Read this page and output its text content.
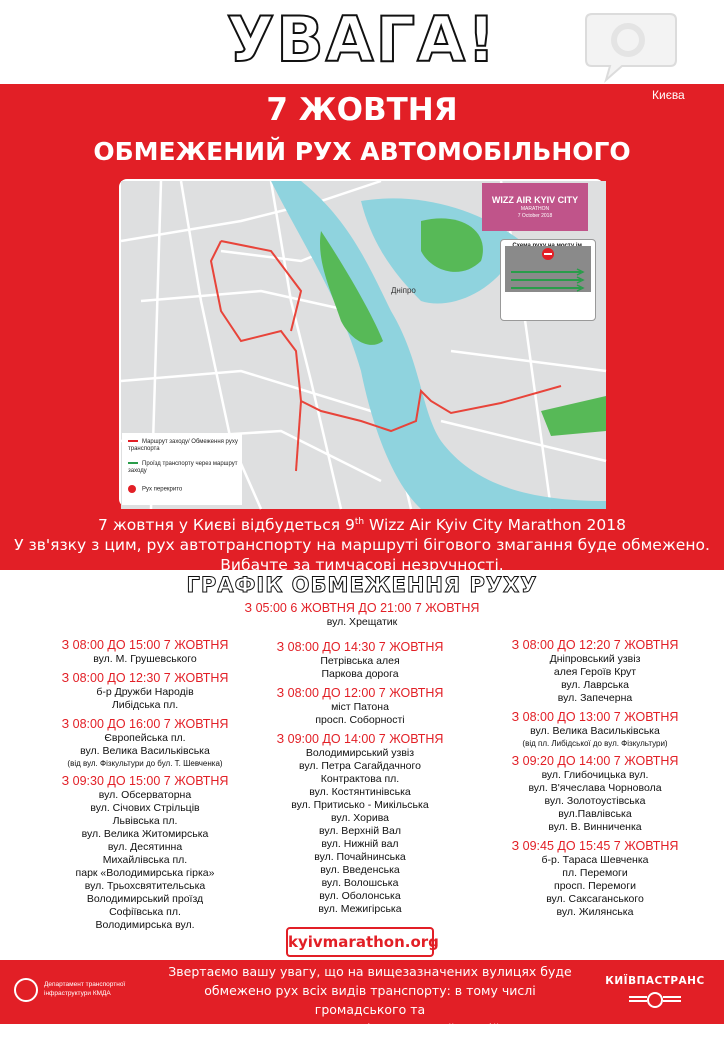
УВАГА!
Києва
7 ЖОВТНЯ
ОБМЕЖЕНИЙ РУХ АВТОМОБІЛЬНОГО
Дніпро
Маршрут заходу/ Обмеження руху транспорта
Проїзд транспорту через маршрут заходу
Рух перекрито
WIZZ AIR KYIV CITY
MARATHON
7 October 2018
7 жовтня у Києві відбудеться 9th Wizz Air Kyiv City Marathon 2018
У зв'язку з цим, рух автотранспорту на маршруті бігового змагання буде обмежено.
Вибачте за тимчасові незручності.
ГРАФІК ОБМЕЖЕННЯ РУХУ
З 05:00 6 ЖОВТНЯ ДО 21:00 7 ЖОВТНЯ
вул. Хрещатик
З 08:00 ДО 15:00 7 ЖОВТНЯ
вул. М. Грушевського
З 08:00 ДО 12:30 7 ЖОВТНЯ
б-р Дружби Народів
Либідська пл.
З 08:00 ДО 16:00 7 ЖОВТНЯ
Європейська пл.
вул. Велика Васильківська
(від вул. Фізкультури до бул. Т. Шевченка)
З 09:30 ДО 15:00 7 ЖОВТНЯ
вул. Обсерваторна
вул. Січових Стрільців
Львівська пл.
вул. Велика Житомирська
вул. Десятинна
Михайлівська пл.
парк «Володимирська гірка»
вул. Трьохсвятительська
Володимирський проїзд
Софіївська пл.
Володимирська вул.
З 08:00 ДО 14:30 7 ЖОВТНЯ
Петрівська алея
Паркова дорога
З 08:00 ДО 12:00 7 ЖОВТНЯ
міст Патона
просп. Соборності
З 09:00 ДО 14:00 7 ЖОВТНЯ
Володимирський узвіз
вул. Петра Сагайдачного
Контрактова пл.
вул. Костянтинівська
вул. Притисько - Микільська
вул. Хорива
вул. Верхній Вал
вул. Нижній вал
вул. Почайнинська
вул. Введенська
вул. Волошська
вул. Оболонська
вул. Межигірська
З 08:00 ДО 12:20 7 ЖОВТНЯ
Дніпровський узвіз
алея Героїв Крут
вул. Лаврська
вул. Запечерна
З 08:00 ДО 13:00 7 ЖОВТНЯ
вул. Велика Васильківська
(від пл. Либідської до вул. Фізкультури)
З 09:20 ДО 14:00 7 ЖОВТНЯ
вул. Глибочицька вул.
вул. В'ячеслава Чорновола
вул. Золотоустівська
вул.Павлівська
вул. В. Винниченка
З 09:45 ДО 15:45 7 ЖОВТНЯ
б-р. Тараса Шевченка
пл. Перемоги
просп. Перемоги
вул. Саксаганського
вул. Жилянська
kyivmarathon.org
Звертаємо вашу увагу, що на вищезазначених вулицях буде
обмежено рух всіх видів транспорту: в тому числі громадського та
велосипедного. Тож, заздалегідь продумайте свій маршрут 6 та 7 жовтня.
Департамент транспортної
інфраструктури КМДА
КИЇВПАСТРАНС
